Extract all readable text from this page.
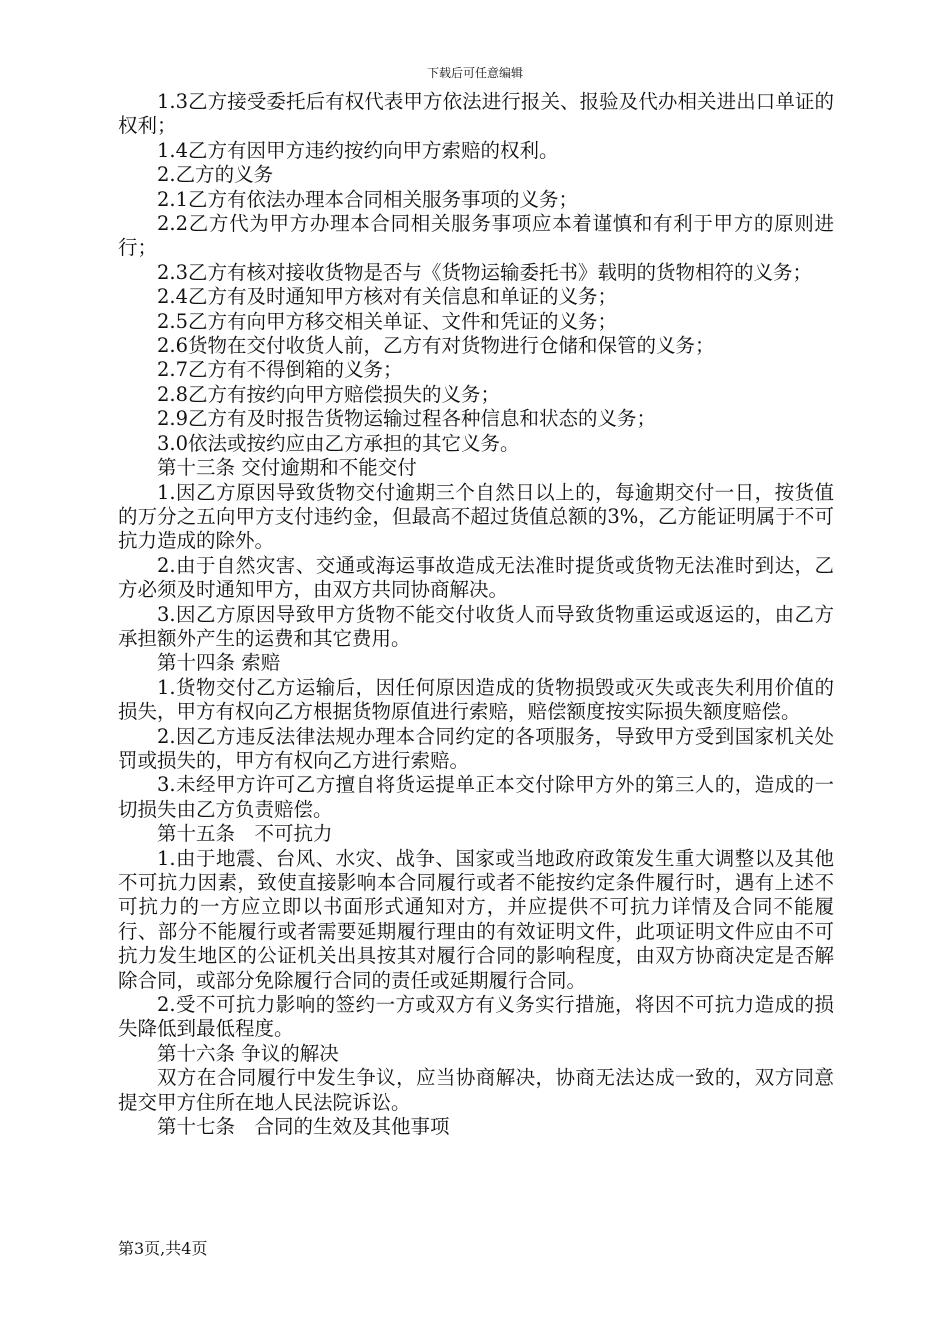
下载后可任意编辑

1.3乙方接受委托后有权代表甲方依法进行报关、报验及代办相关进出口单证的权利；

1.4乙方有因甲方违约按约向甲方索赔的权利。

2.乙方的义务

2.1乙方有依法办理本合同相关服务事项的义务；

2.2乙方代为甲方办理本合同相关服务事项应本着谨慎和有利于甲方的原则进行；

2.3乙方有核对接收货物是否与《货物运输委托书》载明的货物相符的义务；

2.4乙方有及时通知甲方核对有关信息和单证的义务；

2.5乙方有向甲方移交相关单证、文件和凭证的义务；

2.6货物在交付收货人前，乙方有对货物进行仓储和保管的义务；

2.7乙方有不得倒箱的义务；

2.8乙方有按约向甲方赔偿损失的义务；

2.9乙方有及时报告货物运输过程各种信息和状态的义务；

3.0依法或按约应由乙方承担的其它义务。

第十三条 交付逾期和不能交付

1.因乙方原因导致货物交付逾期三个自然日以上的，每逾期交付一日，按货值的万分之五向甲方支付违约金，但最高不超过货值总额的3%，乙方能证明属于不可抗力造成的除外。

2.由于自然灾害、交通或海运事故造成无法准时提货或货物无法准时到达，乙方必须及时通知甲方，由双方共同协商解决。

3.因乙方原因导致甲方货物不能交付收货人而导致货物重运或返运的，由乙方承担额外产生的运费和其它费用。

第十四条 索赔

1.货物交付乙方运输后，因任何原因造成的货物损毁或灭失或丧失利用价值的损失，甲方有权向乙方根据货物原值进行索赔，赔偿额度按实际损失额度赔偿。

2.因乙方违反法律法规办理本合同约定的各项服务，导致甲方受到国家机关处罚或损失的，甲方有权向乙方进行索赔。

3.未经甲方许可乙方擅自将货运提单正本交付除甲方外的第三人的，造成的一切损失由乙方负责赔偿。

第十五条　不可抗力

1.由于地震、台风、水灾、战争、国家或当地政府政策发生重大调整以及其他不可抗力因素，致使直接影响本合同履行或者不能按约定条件履行时，遇有上述不可抗力的一方应立即以书面形式通知对方，并应提供不可抗力详情及合同不能履行、部分不能履行或者需要延期履行理由的有效证明文件，此项证明文件应由不可抗力发生地区的公证机关出具按其对履行合同的影响程度，由双方协商决定是否解除合同，或部分免除履行合同的责任或延期履行合同。

2.受不可抗力影响的签约一方或双方有义务实行措施，将因不可抗力造成的损失降低到最低程度。

第十六条 争议的解决

双方在合同履行中发生争议，应当协商解决，协商无法达成一致的，双方同意提交甲方住所在地人民法院诉讼。

第十七条　合同的生效及其他事项

第3页,共4页
